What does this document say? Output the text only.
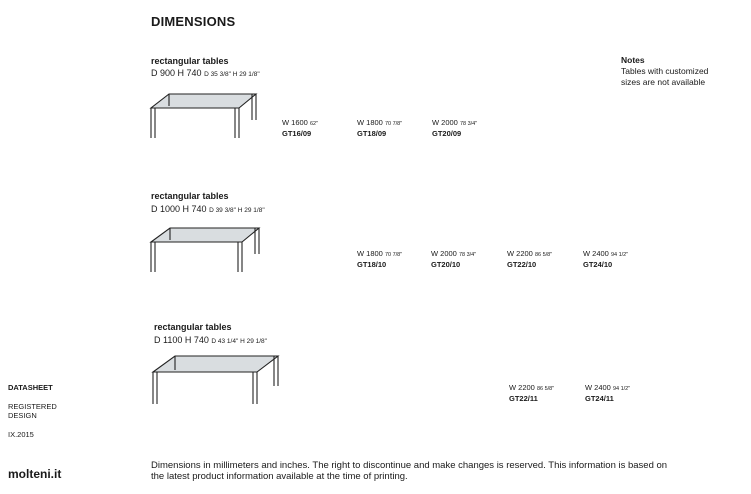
DIMENSIONS
Notes
Tables with customized
sizes are not available
rectangular tables
D 900 H 740 D 35 3/8" H 29 1/8"
W 1600 62"
GT16/09
W 1800 70 7/8"
GT18/09
W 2000 78 3/4"
GT20/09
rectangular tables
D 1000 H 740 D 39 3/8" H 29 1/8"
W 1800 70 7/8"
GT18/10
W 2000 78 3/4"
GT20/10
W 2200 86 5/8"
GT22/10
W 2400 94 1/2"
GT24/10
rectangular tables
D 1100 H 740 D 43 1/4" H 29 1/8"
W 2200 86 5/8"
GT22/11
W 2400 94 1/2"
GT24/11
DATASHEET
REGISTERED
DESIGN
IX.2015
molteni.it
Dimensions in millimeters and inches. The right to discontinue and make changes is reserved. This information is based on
the latest product information available at the time of printing.
